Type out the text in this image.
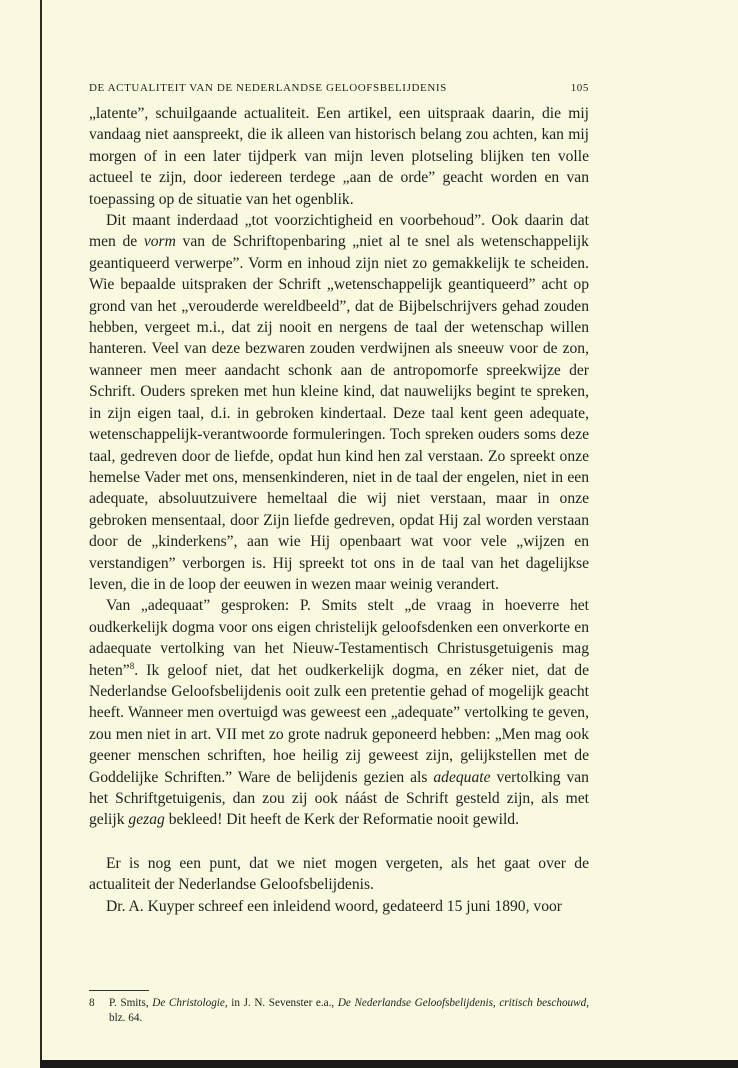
DE ACTUALITEIT VAN DE NEDERLANDSE GELOOFSBELIJDENIS	105

„latente”, schuilgaande actualiteit. Een artikel, een uitspraak daarin, die mij vandaag niet aanspreekt, die ik alleen van historisch belang zou achten, kan mij morgen of in een later tijdperk van mijn leven plotseling blijken ten volle actueel te zijn, door iedereen terdege „aan de orde” geacht worden en van toepassing op de situatie van het ogenblik.

Dit maant inderdaad „tot voorzichtigheid en voorbehoud”. Ook daarin dat men de vorm van de Schriftopenbaring „niet al te snel als wetenschappelijk geantiqueerd verwerpe”. Vorm en inhoud zijn niet zo gemakkelijk te scheiden. Wie bepaalde uitspraken der Schrift „wetenschappelijk geantiqueerd” acht op grond van het „verouderde wereldbeeld”, dat de Bijbelschrijvers gehad zouden hebben, vergeet m.i., dat zij nooit en nergens de taal der wetenschap willen hanteren. Veel van deze bezwaren zouden verdwijnen als sneeuw voor de zon, wanneer men meer aandacht schonk aan de antropomorfe spreekwijze der Schrift. Ouders spreken met hun kleine kind, dat nauwelijks begint te spreken, in zijn eigen taal, d.i. in gebroken kindertaal. Deze taal kent geen adequate, wetenschappelijk-verantwoorde formuleringen. Toch spreken ouders soms deze taal, gedreven door de liefde, opdat hun kind hen zal verstaan. Zo spreekt onze hemelse Vader met ons, mensenkinderen, niet in de taal der engelen, niet in een adequate, absoluutzuivere hemeltaal die wij niet verstaan, maar in onze gebroken mensentaal, door Zijn liefde gedreven, opdat Hij zal worden verstaan door de „kinderkens”, aan wie Hij openbaart wat voor vele „wijzen en verstandigen” verborgen is. Hij spreekt tot ons in de taal van het dagelijkse leven, die in de loop der eeuwen in wezen maar weinig verandert.

Van „adequaat” gesproken: P. Smits stelt „de vraag in hoeverre het oudkerkelijk dogma voor ons eigen christelijk geloofsdenken een onverkorte en adaequate vertolking van het Nieuw-Testamentisch Christusgetuigenis mag heten”$^8$. Ik geloof niet, dat het oudkerkelijk dogma, en zéker niet, dat de Nederlandse Geloofsbelijdenis ooit zulk een pretentie gehad of mogelijk geacht heeft. Wanneer men overtuigd was geweest een „adequate” vertolking te geven, zou men niet in art. VII met zo grote nadruk geponeerd hebben: „Men mag ook geener menschen schriften, hoe heilig zij geweest zijn, gelijkstellen met de Goddelijke Schriften.” Ware de belijdenis gezien als adequate vertolking van het Schriftgetuigenis, dan zou zij ook náást de Schrift gesteld zijn, als met gelijk gezag bekleed! Dit heeft de Kerk der Reformatie nooit gewild.

Er is nog een punt, dat we niet mogen vergeten, als het gaat over de actualiteit der Nederlandse Geloofsbelijdenis.

Dr. A. Kuyper schreef een inleidend woord, gedateerd 15 juni 1890, voor

8	P. Smits, De Christologie, in J. N. Sevenster e.a., De Nederlandse Geloofsbelijdenis, critisch beschouwd, blz. 64.
